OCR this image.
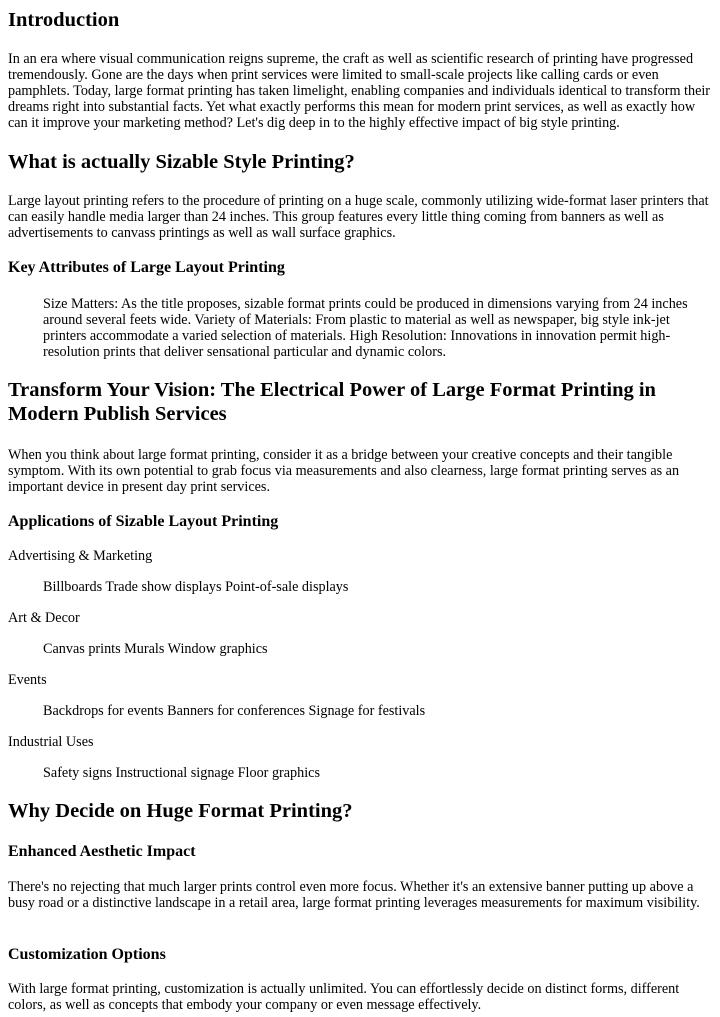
Introduction

In an era where visual communication reigns supreme, the craft as well as scientific research of printing have progressed tremendously. Gone are the days when print services were limited to small-scale projects like calling cards or even pamphlets. Today, large format printing has taken limelight, enabling companies and individuals identical to transform their dreams right into substantial facts. Yet what exactly performs this mean for modern print services, as well as exactly how can it improve your marketing method? Let's dig deep in to the highly effective impact of big style printing.

What is actually Sizable Style Printing?

Large layout printing refers to the procedure of printing on a huge scale, commonly utilizing wide-format laser printers that can easily handle media larger than 24 inches. This group features every little thing coming from banners as well as advertisements to canvass printings as well as wall surface graphics.

Key Attributes of Large Layout Printing
Size Matters: As the title proposes, sizable format prints could be produced in dimensions varying from 24 inches around several feets wide. Variety of Materials: From plastic to material as well as newspaper, big style ink-jet printers accommodate a varied selection of materials. High Resolution: Innovations in innovation permit high-resolution prints that deliver sensational particular and dynamic colors.
Transform Your Vision: The Electrical Power of Large Format Printing in Modern Publish Services

When you think about large format printing, consider it as a bridge between your creative concepts and their tangible symptom. With its own potential to grab focus via measurements and also clearness, large format printing serves as an important device in present day print services.

Applications of Sizable Layout Printing

Advertising & Marketing

Billboards Trade show displays Point-of-sale displays

Art & Decor

Canvas prints Murals Window graphics

Events

Backdrops for events Banners for conferences Signage for festivals

Industrial Uses

Safety signs Instructional signage Floor graphics
Why Decide on Huge Format Printing?
Enhanced Aesthetic Impact

There's no rejecting that much larger prints control even more focus. Whether it's an extensive banner putting up above a busy road or a distinctive landscape in a retail area, large format printing leverages measurements for maximum visibility.

Customization Options

With large format printing, customization is actually unlimited. You can effortlessly decide on distinct forms, different colors, as well as concepts that embody your company or even message effectively.
